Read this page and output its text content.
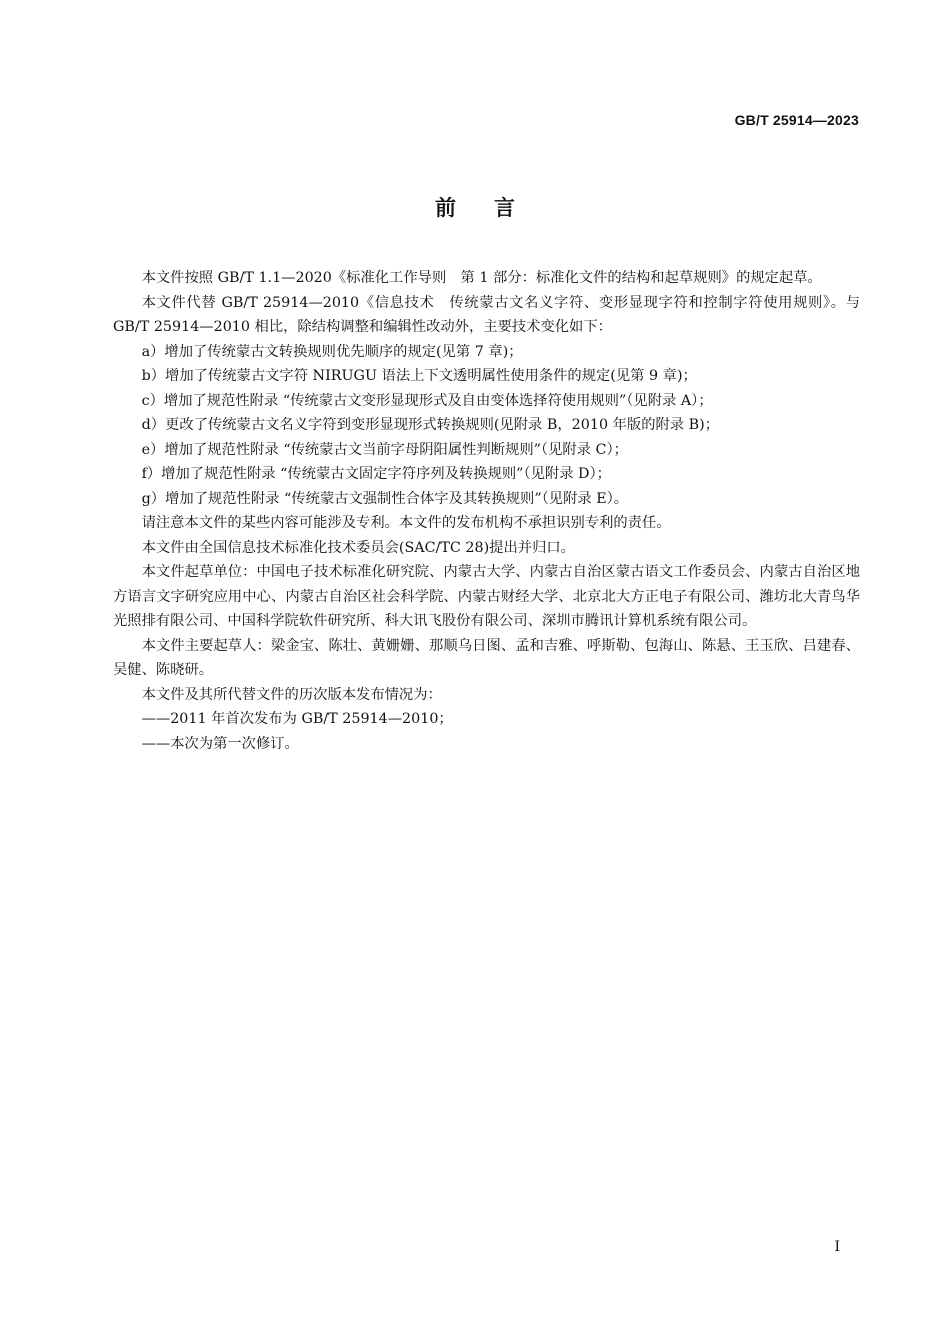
GB/T 25914—2023
前言

本文件按照 GB/T 1.1—2020《标准化工作导则　第 1 部分：标准化文件的结构和起草规则》的规定起草。

本文件代替 GB/T 25914—2010《信息技术　传统蒙古文名义字符、变形显现字符和控制字符使用规则》。与 GB/T 25914—2010 相比，除结构调整和编辑性改动外，主要技术变化如下：

a）增加了传统蒙古文转换规则优先顺序的规定(见第 7 章)；

b）增加了传统蒙古文字符 NIRUGU 语法上下文透明属性使用条件的规定(见第 9 章)；

c）增加了规范性附录 “传统蒙古文变形显现形式及自由变体选择符使用规则”（见附录 A）；

d）更改了传统蒙古文名义字符到变形显现形式转换规则(见附录 B，2010 年版的附录 B)；

e）增加了规范性附录 “传统蒙古文当前字母阴阳属性判断规则”（见附录 C）；

f）增加了规范性附录 “传统蒙古文固定字符序列及转换规则”（见附录 D）；

g）增加了规范性附录 “传统蒙古文强制性合体字及其转换规则”（见附录 E）。

请注意本文件的某些内容可能涉及专利。本文件的发布机构不承担识别专利的责任。

本文件由全国信息技术标准化技术委员会(SAC/TC 28)提出并归口。

本文件起草单位：中国电子技术标准化研究院、内蒙古大学、内蒙古自治区蒙古语文工作委员会、内蒙古自治区地方语言文字研究应用中心、内蒙古自治区社会科学院、内蒙古财经大学、北京北大方正电子有限公司、潍坊北大青鸟华光照排有限公司、中国科学院软件研究所、科大讯飞股份有限公司、深圳市腾讯计算机系统有限公司。

本文件主要起草人：梁金宝、陈壮、黄姗姗、那顺乌日图、孟和吉雅、呼斯勒、包海山、陈悬、王玉欣、吕建春、吴健、陈晓研。

本文件及其所代替文件的历次版本发布情况为：

——2011 年首次发布为 GB/T 25914—2010；

——本次为第一次修订。

I
